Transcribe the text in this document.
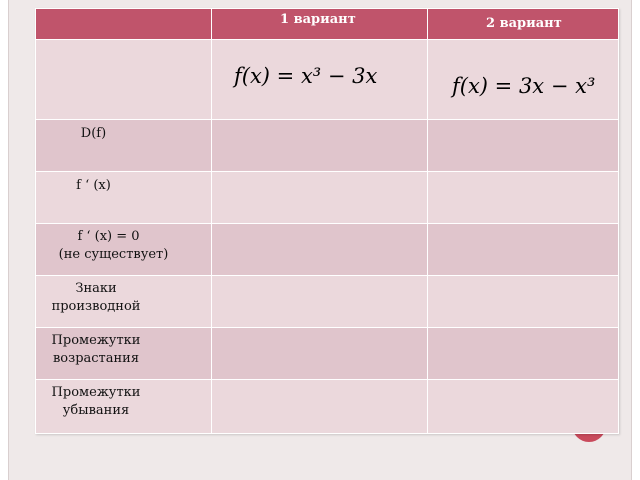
	1 вариант	2 вариант

	f(x) = x³ − 3x	f(x) = 3x − x³

D(f)		

f ‘ (x)		

f ‘ (x) = 0
(не существует)		

Знаки
производной		

Промежутки
возрастания		

Промежутки
убывания		
